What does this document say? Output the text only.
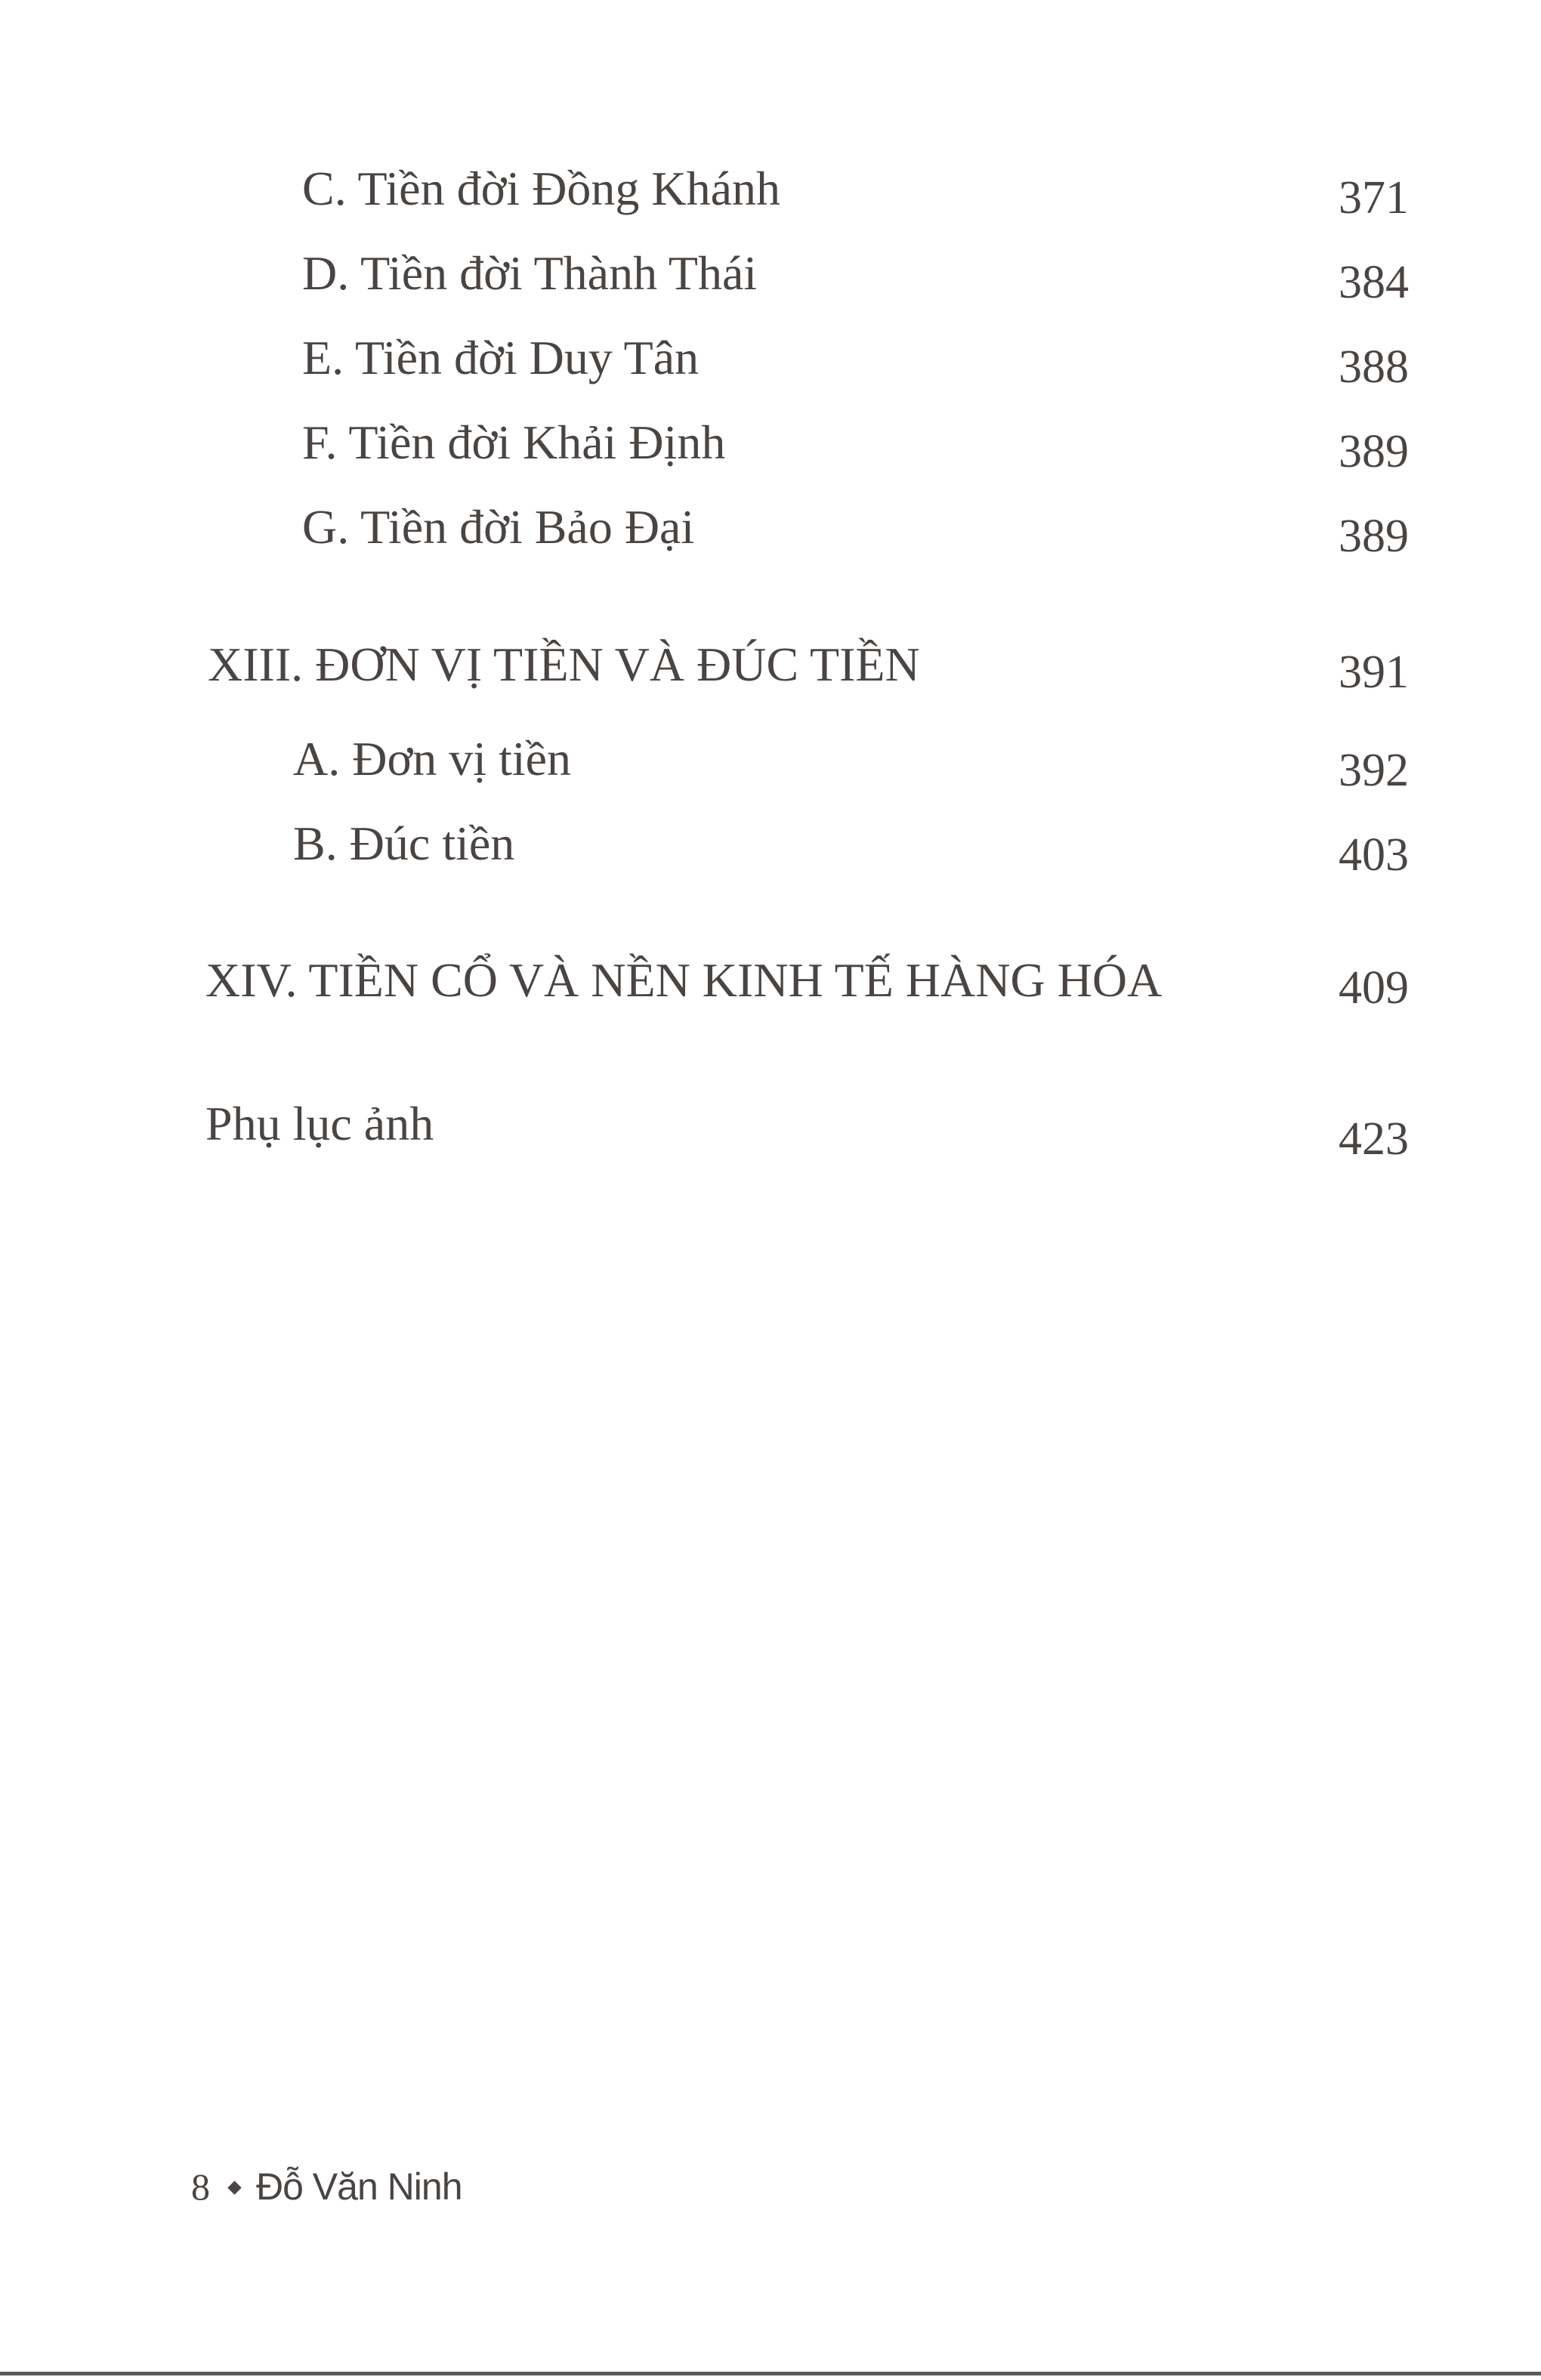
C. Tiền đời Đồng Khánh	371
D. Tiền đời Thành Thái	384
E. Tiền đời Duy Tân	388
F. Tiền đời Khải Định	389
G. Tiền đời Bảo Đại	389
XIII. ĐƠN VỊ TIỀN VÀ ĐÚC TIỀN	391
A. Đơn vị tiền	392
B. Đúc tiền	403
XIV. TIỀN CỔ VÀ NỀN KINH TẾ HÀNG HÓA	409
Phụ lục ảnh	423
8 Đỗ Văn Ninh
